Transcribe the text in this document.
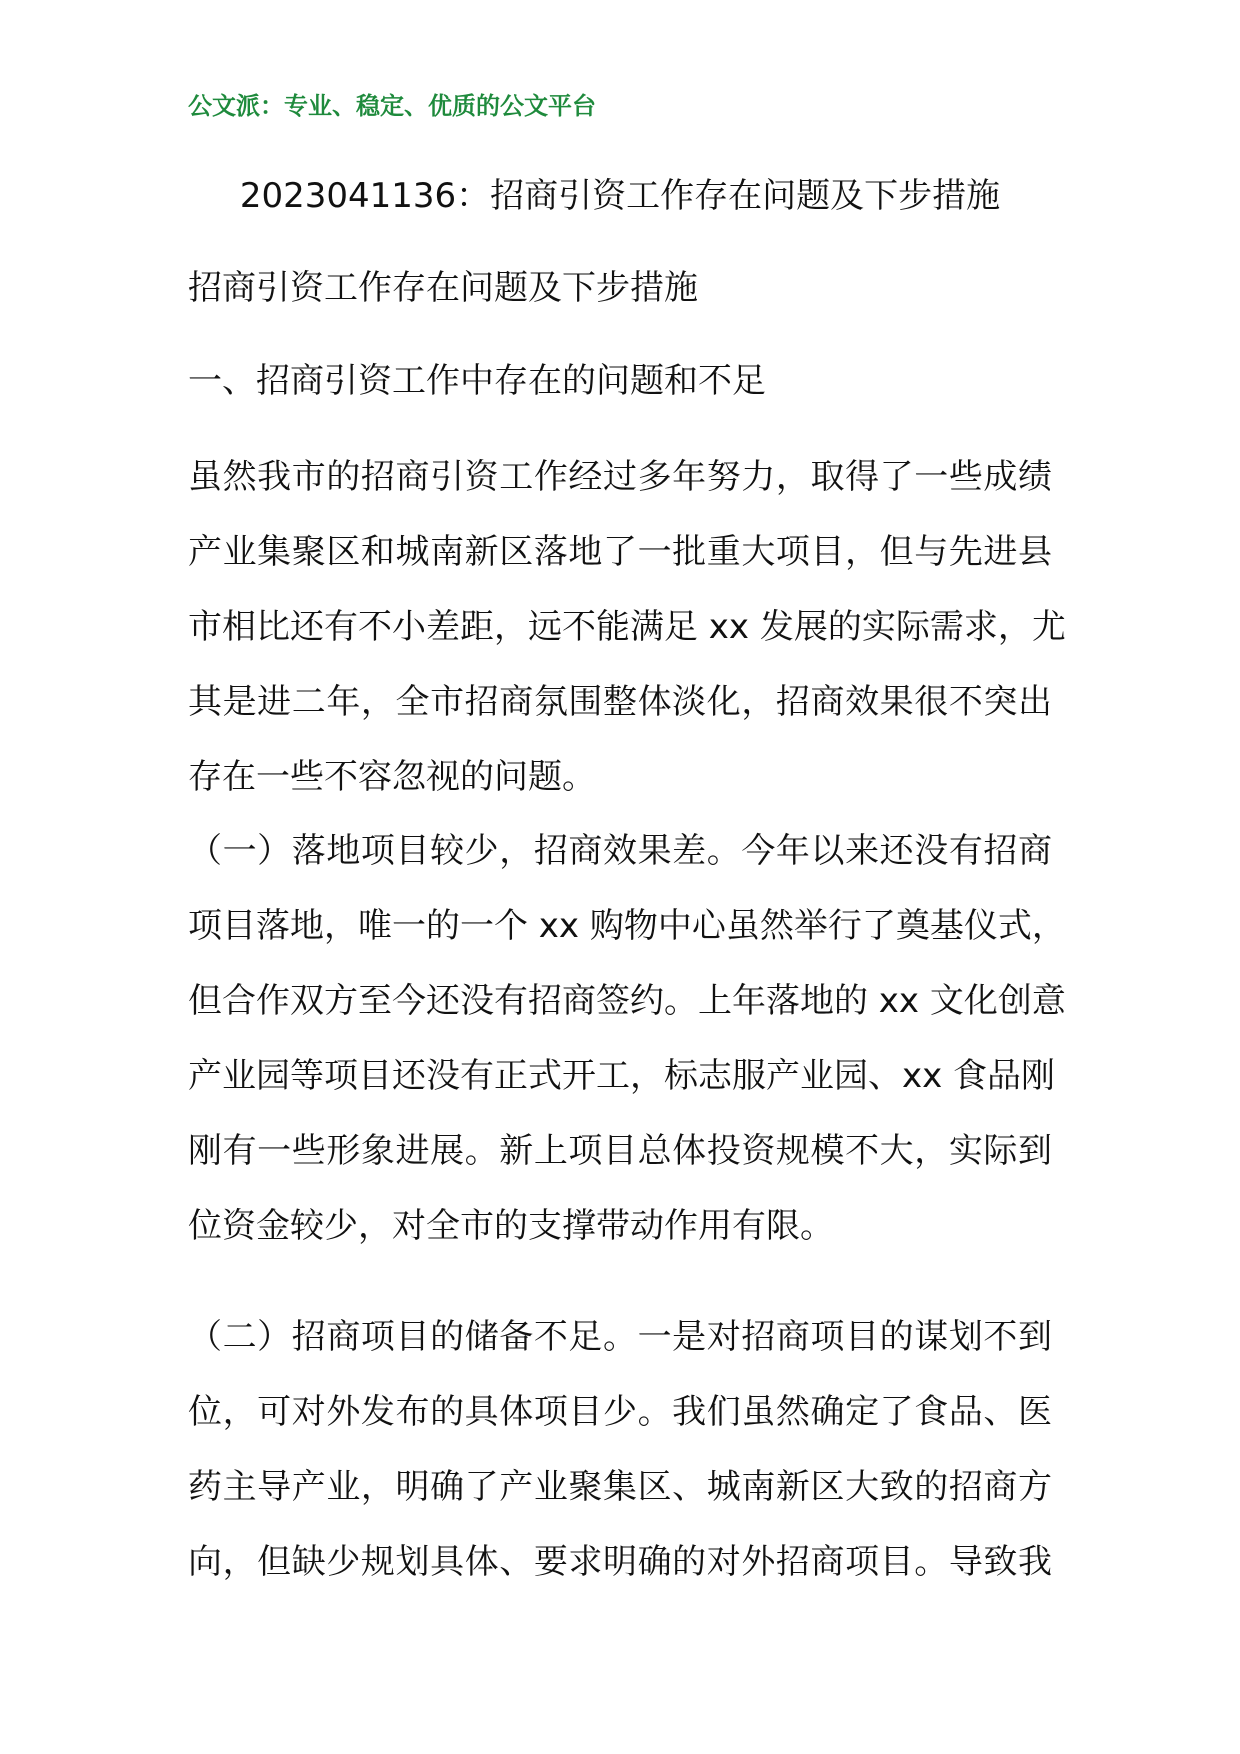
公文派：专业、稳定、优质的公文平台
2023041136：招商引资工作存在问题及下步措施
招商引资工作存在问题及下步措施
一、招商引资工作中存在的问题和不足
虽然我市的招商引资工作经过多年努力，取得了一些成绩
产业集聚区和城南新区落地了一批重大项目，但与先进县
市相比还有不小差距，远不能满足 xx 发展的实际需求，尤
其是进二年，全市招商氛围整体淡化，招商效果很不突出
存在一些不容忽视的问题。
（一）落地项目较少，招商效果差。今年以来还没有招商
项目落地，唯一的一个 xx 购物中心虽然举行了奠基仪式，
但合作双方至今还没有招商签约。上年落地的 xx 文化创意
产业园等项目还没有正式开工，标志服产业园、xx 食品刚
刚有一些形象进展。新上项目总体投资规模不大，实际到
位资金较少，对全市的支撑带动作用有限。
（二）招商项目的储备不足。一是对招商项目的谋划不到
位，可对外发布的具体项目少。我们虽然确定了食品、医
药主导产业，明确了产业聚集区、城南新区大致的招商方
向，但缺少规划具体、要求明确的对外招商项目。导致我
